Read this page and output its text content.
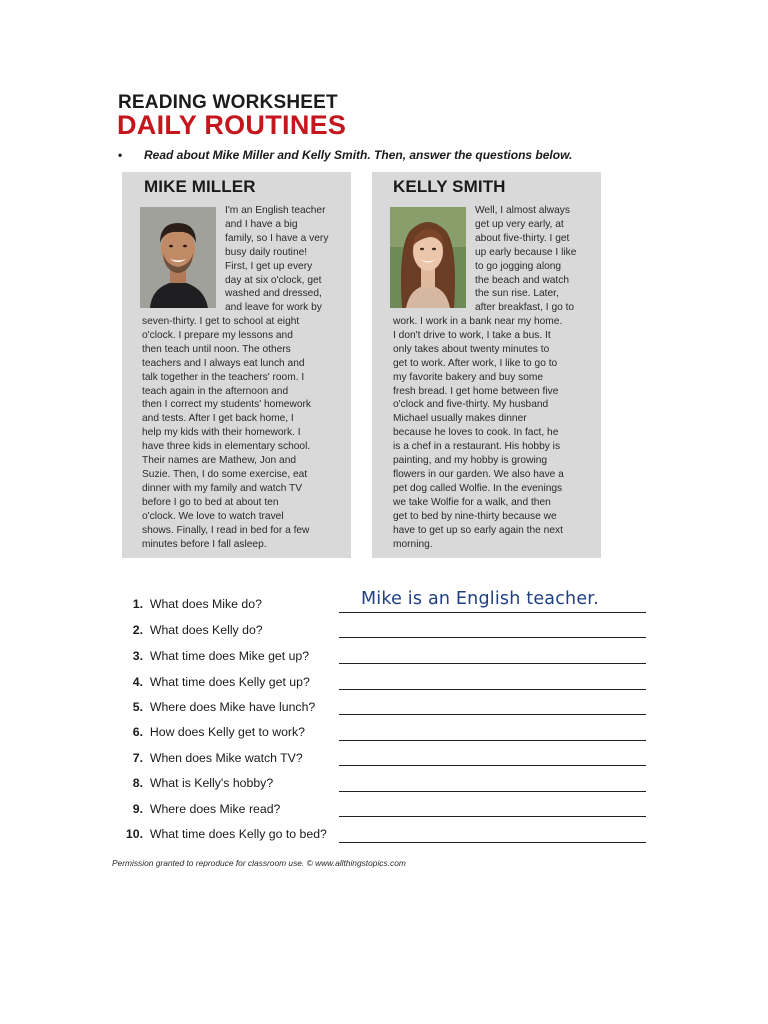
READING WORKSHEET
DAILY ROUTINES
• Read about Mike Miller and Kelly Smith. Then, answer the questions below.
MIKE MILLER
I'm an English teacher
and I have a big
family, so I have a very
busy daily routine!
First, I get up every
day at six o'clock, get
washed and dressed,
and leave for work by
seven-thirty. I get to school at eight
o'clock. I prepare my lessons and
then teach until noon. The others
teachers and I always eat lunch and
talk together in the teachers' room. I
teach again in the afternoon and
then I correct my students' homework
and tests. After I get back home, I
help my kids with their homework. I
have three kids in elementary school.
Their names are Mathew, Jon and
Suzie. Then, I do some exercise, eat
dinner with my family and watch TV
before I go to bed at about ten
o'clock. We love to watch travel
shows. Finally, I read in bed for a few
minutes before I fall asleep.
KELLY SMITH
Well, I almost always
get up very early, at
about five-thirty. I get
up early because I like
to go jogging along
the beach and watch
the sun rise. Later,
after breakfast, I go to
work. I work in a bank near my home.
I don't drive to work, I take a bus. It
only takes about twenty minutes to
get to work. After work, I like to go to
my favorite bakery and buy some
fresh bread. I get home between five
o'clock and five-thirty. My husband
Michael usually makes dinner
because he loves to cook. In fact, he
is a chef in a restaurant. His hobby is
painting, and my hobby is growing
flowers in our garden. We also have a
pet dog called Wolfie. In the evenings
we take Wolfie for a walk, and then
get to bed by nine-thirty because we
have to get up so early again the next
morning.
1. What does Mike do?
2. What does Kelly do?
3. What time does Mike get up?
4. What time does Kelly get up?
5. Where does Mike have lunch?
6. How does Kelly get to work?
7. When does Mike watch TV?
8. What is Kelly's hobby?
9. Where does Mike read?
10. What time does Kelly go to bed?
Mike is an English teacher.
Permission granted to reproduce for classroom use. © www.allthingstopics.com
